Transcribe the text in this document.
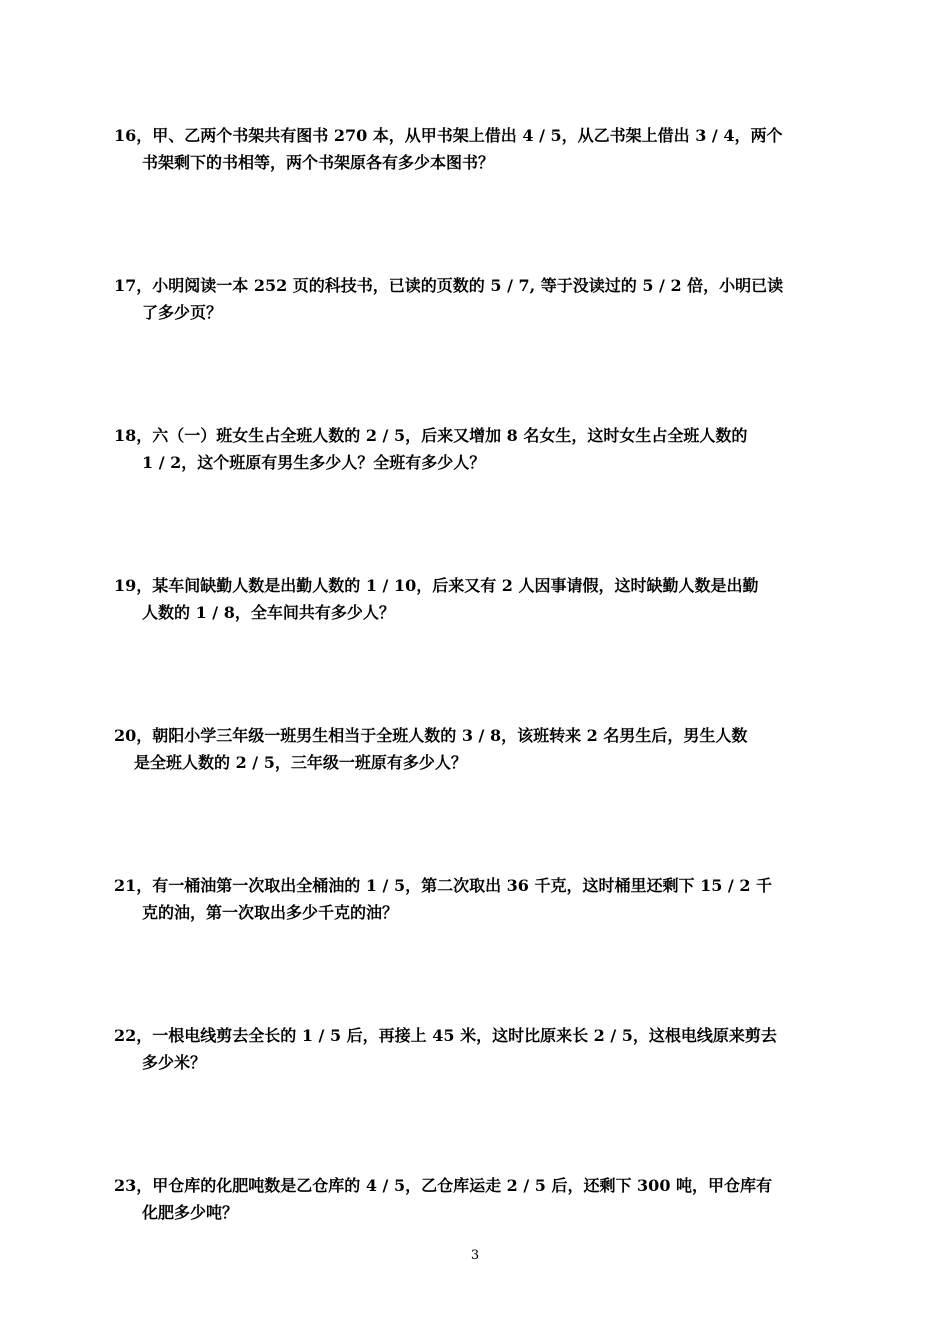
16，甲、乙两个书架共有图书 270 本，从甲书架上借出 4 / 5，从乙书架上借出 3 / 4，两个
书架剩下的书相等，两个书架原各有多少本图书？
17，小明阅读一本 252 页的科技书，已读的页数的 5 / 7, 等于没读过的 5 / 2 倍，小明已读
了多少页？
18，六（一）班女生占全班人数的 2 / 5，后来又增加 8 名女生，这时女生占全班人数的
1 / 2，这个班原有男生多少人？全班有多少人？
19，某车间缺勤人数是出勤人数的 1 / 10，后来又有 2 人因事请假，这时缺勤人数是出勤
人数的 1 / 8，全车间共有多少人？
20，朝阳小学三年级一班男生相当于全班人数的 3 / 8，该班转来 2 名男生后，男生人数
是全班人数的 2 / 5，三年级一班原有多少人？
21，有一桶油第一次取出全桶油的 1 / 5，第二次取出 36 千克，这时桶里还剩下 15 / 2 千
克的油，第一次取出多少千克的油？
22，一根电线剪去全长的 1 / 5 后，再接上 45 米，这时比原来长 2 / 5，这根电线原来剪去
多少米？
23，甲仓库的化肥吨数是乙仓库的 4 / 5，乙仓库运走 2 / 5 后，还剩下 300 吨，甲仓库有
化肥多少吨？
3
